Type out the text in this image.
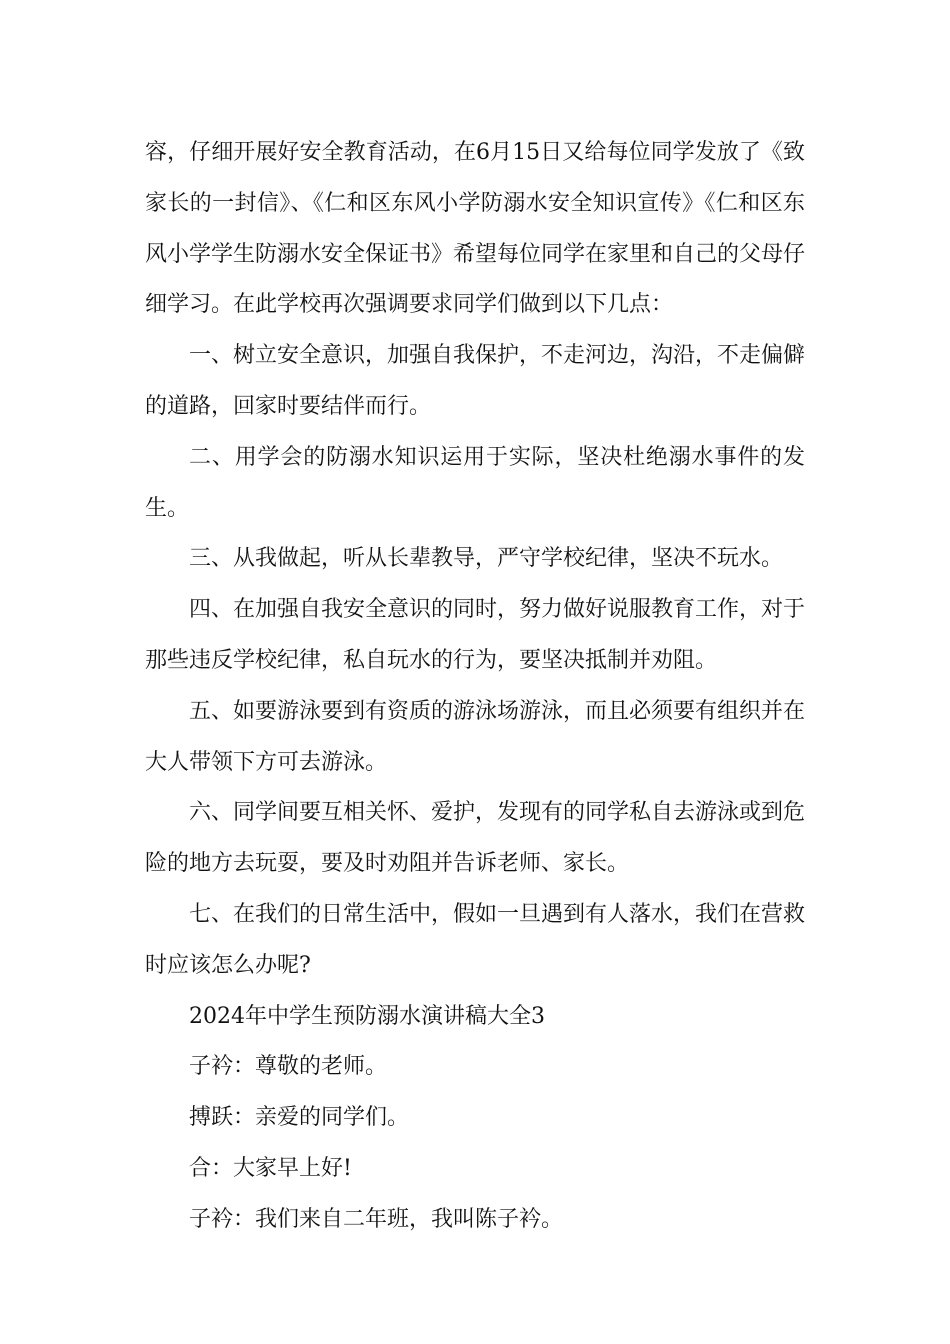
容，仔细开展好安全教育活动，在6月15日又给每位同学发放了《致家长的一封信》、《仁和区东风小学防溺水安全知识宣传》《仁和区东风小学学生防溺水安全保证书》希望每位同学在家里和自己的父母仔细学习。在此学校再次强调要求同学们做到以下几点：

一、树立安全意识，加强自我保护，不走河边，沟沿，不走偏僻的道路，回家时要结伴而行。

二、用学会的防溺水知识运用于实际，坚决杜绝溺水事件的发生。

三、从我做起，听从长辈教导，严守学校纪律，坚决不玩水。

四、在加强自我安全意识的同时，努力做好说服教育工作，对于那些违反学校纪律，私自玩水的行为，要坚决抵制并劝阻。

五、如要游泳要到有资质的游泳场游泳，而且必须要有组织并在大人带领下方可去游泳。

六、同学间要互相关怀、爱护，发现有的同学私自去游泳或到危险的地方去玩耍，要及时劝阻并告诉老师、家长。

七、在我们的日常生活中，假如一旦遇到有人落水，我们在营救时应该怎么办呢?

2024年中学生预防溺水演讲稿大全3

子衿：尊敬的老师。

搏跃：亲爱的同学们。

合：大家早上好!

子衿：我们来自二年班，我叫陈子衿。
